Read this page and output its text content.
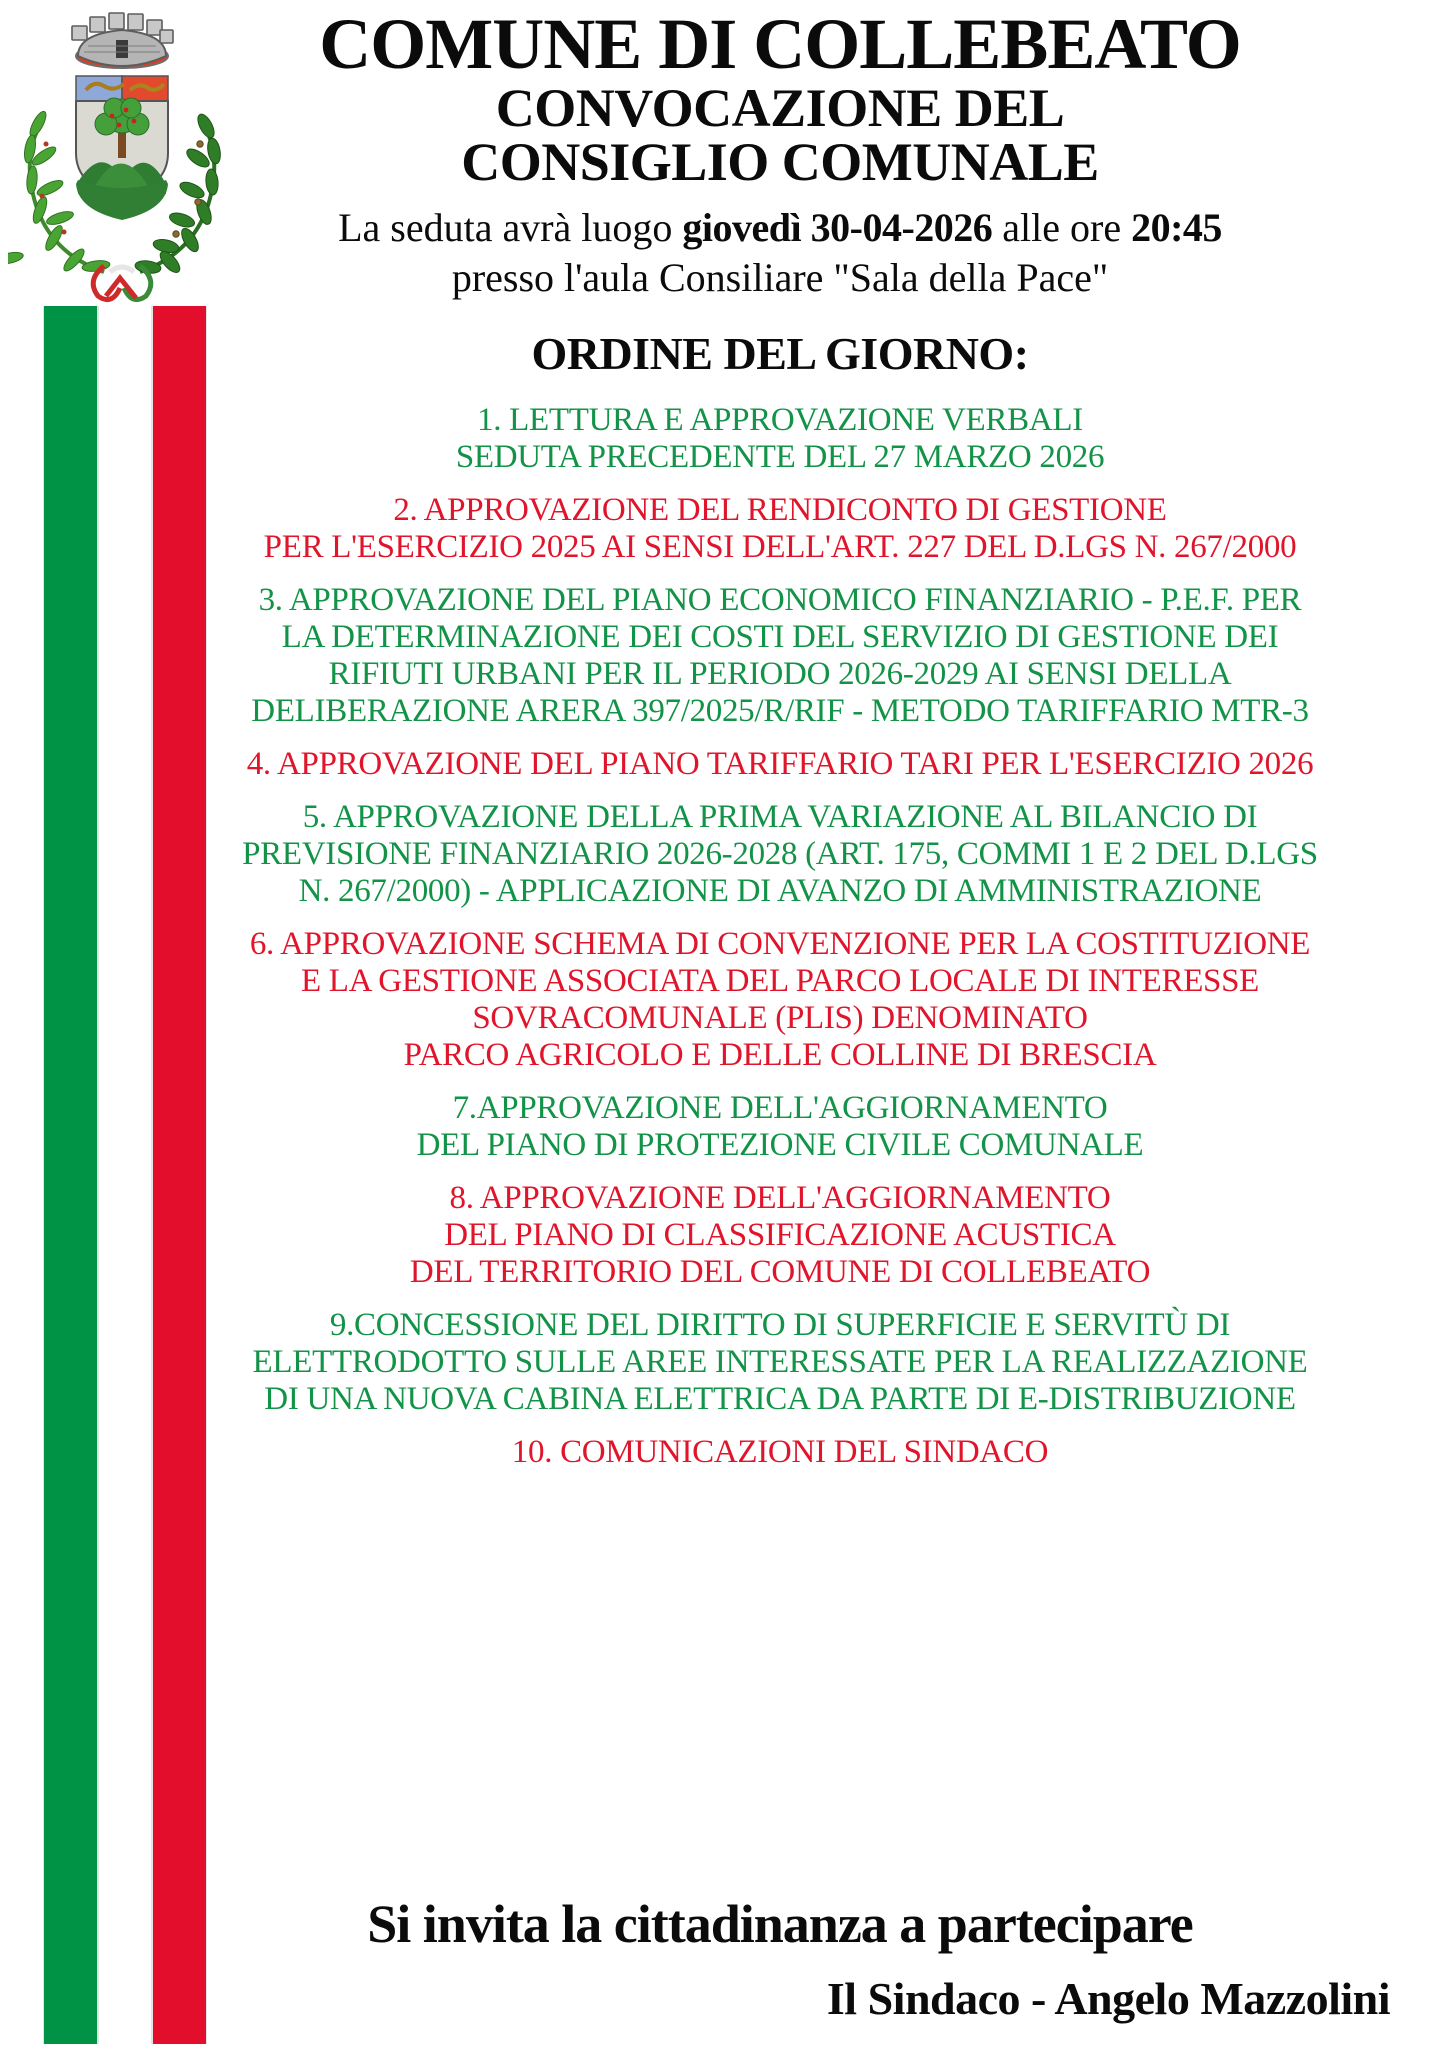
COMUNE DI COLLEBEATO
CONVOCAZIONE DEL
CONSIGLIO COMUNALE
La seduta avrà luogo giovedì 30-04-2026 alle ore 20:45
presso l'aula Consiliare "Sala della Pace"
ORDINE DEL GIORNO:
1. LETTURA E APPROVAZIONE VERBALI
SEDUTA PRECEDENTE DEL 27 MARZO 2026
2. APPROVAZIONE DEL RENDICONTO DI GESTIONE
PER L'ESERCIZIO 2025 AI SENSI DELL'ART. 227 DEL D.LGS N. 267/2000
3. APPROVAZIONE DEL PIANO ECONOMICO FINANZIARIO - P.E.F. PER
LA DETERMINAZIONE DEI COSTI DEL SERVIZIO DI GESTIONE DEI
RIFIUTI URBANI PER IL PERIODO 2026-2029 AI SENSI DELLA
DELIBERAZIONE ARERA 397/2025/R/RIF - METODO TARIFFARIO MTR-3
4. APPROVAZIONE DEL PIANO TARIFFARIO TARI PER L'ESERCIZIO 2026
5. APPROVAZIONE DELLA PRIMA VARIAZIONE AL BILANCIO DI
PREVISIONE FINANZIARIO 2026-2028 (ART. 175, COMMI 1 E 2 DEL D.LGS
N. 267/2000) - APPLICAZIONE DI AVANZO DI AMMINISTRAZIONE
6. APPROVAZIONE SCHEMA DI CONVENZIONE PER LA COSTITUZIONE
E LA GESTIONE ASSOCIATA DEL PARCO LOCALE DI INTERESSE
SOVRACOMUNALE (PLIS) DENOMINATO
PARCO AGRICOLO E DELLE COLLINE DI BRESCIA
7.APPROVAZIONE DELL'AGGIORNAMENTO
DEL PIANO DI PROTEZIONE CIVILE COMUNALE
8. APPROVAZIONE DELL'AGGIORNAMENTO
DEL PIANO DI CLASSIFICAZIONE ACUSTICA
DEL TERRITORIO DEL COMUNE DI COLLEBEATO
9.CONCESSIONE DEL DIRITTO DI SUPERFICIE E SERVITÙ DI
ELETTRODOTTO SULLE AREE INTERESSATE PER LA REALIZZAZIONE
DI UNA NUOVA CABINA ELETTRICA DA PARTE DI E-DISTRIBUZIONE
10. COMUNICAZIONI DEL SINDACO
Si invita la cittadinanza a partecipare
Il Sindaco - Angelo Mazzolini
